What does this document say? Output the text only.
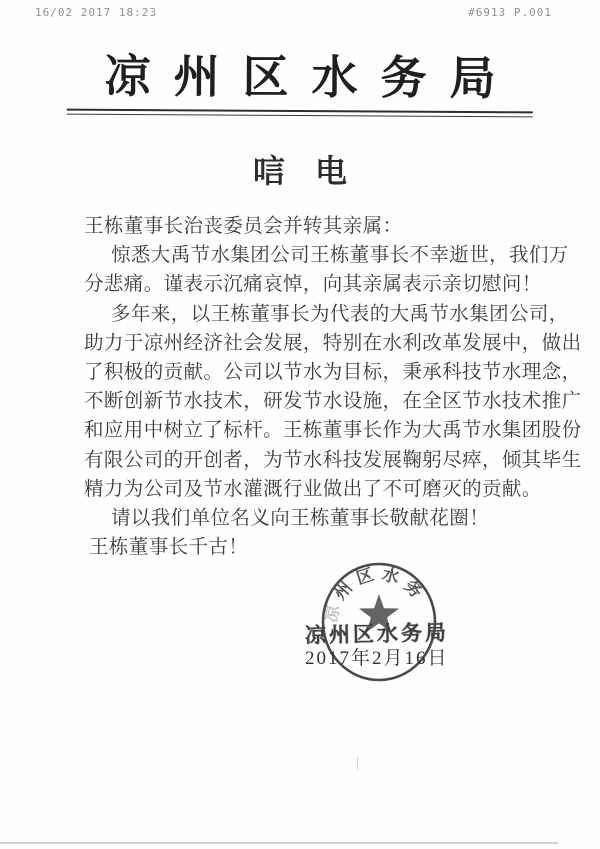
16/02 2017 18:23	#6913 P.001
凉州区水务局
唁电
王栋董事长治丧委员会并转其亲属：
惊悉大禹节水集团公司王栋董事长不幸逝世，我们万
分悲痛。谨表示沉痛哀悼，向其亲属表示亲切慰问！
多年来，以王栋董事长为代表的大禹节水集团公司，
助力于凉州经济社会发展，特别在水利改革发展中，做出
了积极的贡献。公司以节水为目标，秉承科技节水理念，
不断创新节水技术，研发节水设施，在全区节水技术推广
和应用中树立了标杆。王栋董事长作为大禹节水集团股份
有限公司的开创者，为节水科技发展鞠躬尽瘁，倾其毕生
精力为公司及节水灌溉行业做出了不可磨灭的贡献。
请以我们单位名义向王栋董事长敬献花圈！
王栋董事长千古！
凉
州
区 水
务
凉州区水务局
2017年2月16日
